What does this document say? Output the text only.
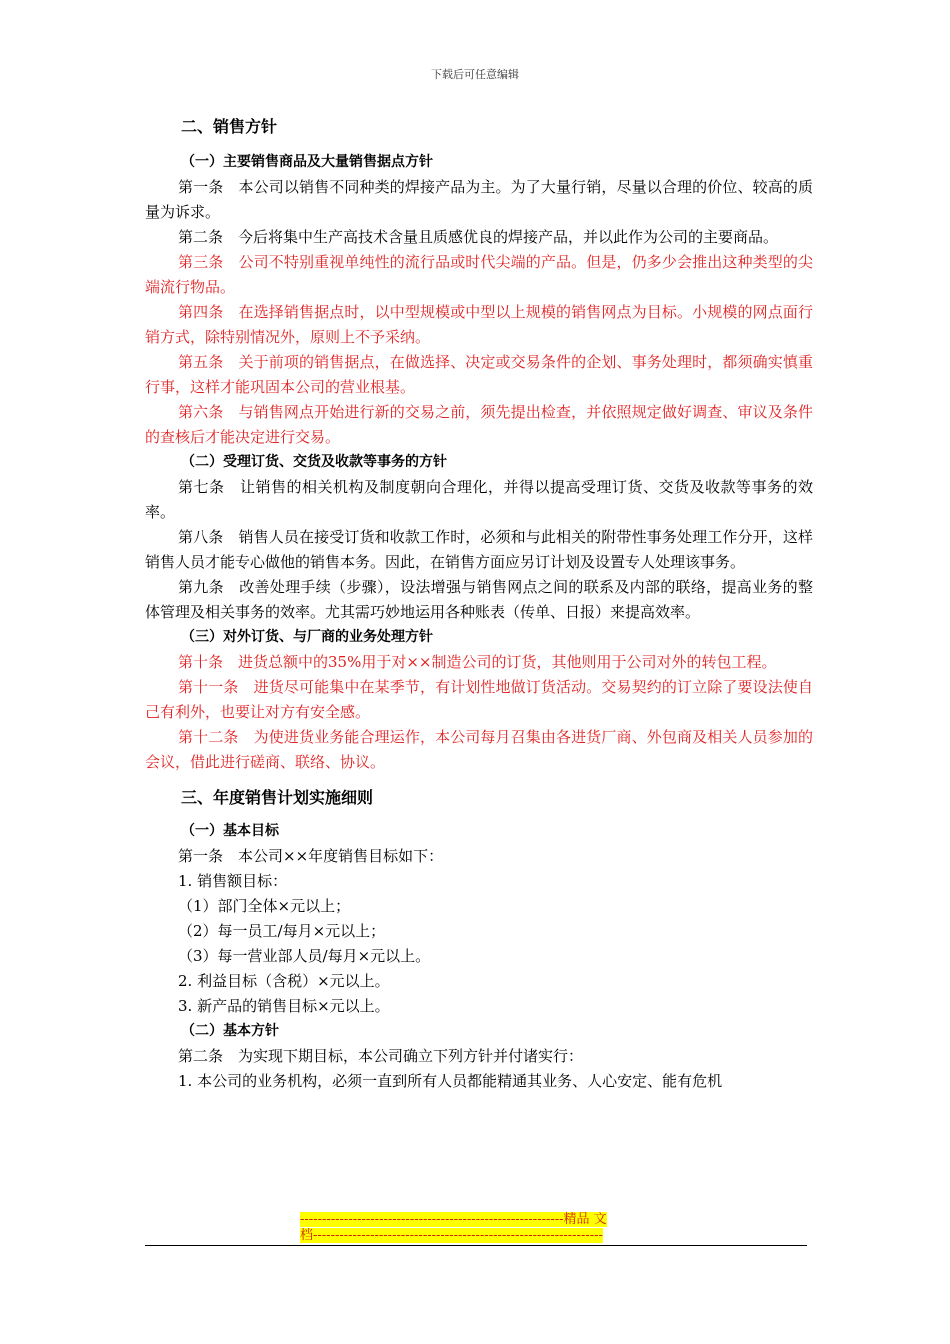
下载后可任意编辑
二、销售方针
（一）主要销售商品及大量销售据点方针
第一条　本公司以销售不同种类的焊接产品为主。为了大量行销，尽量以合理的价位、较高的质量为诉求。
第二条　今后将集中生产高技术含量且质感优良的焊接产品，并以此作为公司的主要商品。
第三条　公司不特别重视单纯性的流行品或时代尖端的产品。但是，仍多少会推出这种类型的尖端流行物品。
第四条　在选择销售据点时，以中型规模或中型以上规模的销售网点为目标。小规模的网点面行销方式，除特别情况外，原则上不予采纳。
第五条　关于前项的销售据点，在做选择、决定或交易条件的企划、事务处理时，都须确实慎重行事，这样才能巩固本公司的营业根基。
第六条　与销售网点开始进行新的交易之前，须先提出检查，并依照规定做好调查、审议及条件的查核后才能决定进行交易。
（二）受理订货、交货及收款等事务的方针
第七条　让销售的相关机构及制度朝向合理化，并得以提高受理订货、交货及收款等事务的效率。
第八条　销售人员在接受订货和收款工作时，必须和与此相关的附带性事务处理工作分开，这样销售人员才能专心做他的销售本务。因此，在销售方面应另订计划及设置专人处理该事务。
第九条　改善处理手续（步骤），设法增强与销售网点之间的联系及内部的联络，提高业务的整体管理及相关事务的效率。尤其需巧妙地运用各种账表（传单、日报）来提高效率。
（三）对外订货、与厂商的业务处理方针
第十条　进货总额中的35%用于对××制造公司的订货，其他则用于公司对外的转包工程。
第十一条　进货尽可能集中在某季节，有计划性地做订货活动。交易契约的订立除了要设法使自己有利外，也要让对方有安全感。
第十二条　为使进货业务能合理运作，本公司每月召集由各进货厂商、外包商及相关人员参加的会议，借此进行磋商、联络、协议。
三、年度销售计划实施细则
（一）基本目标
第一条　本公司××年度销售目标如下：
1. 销售额目标：
（1）部门全体×元以上；
（2）每一员工/每月×元以上；
（3）每一营业部人员/每月×元以上。
2. 利益目标（含税）×元以上。
3. 新产品的销售目标×元以上。
（二）基本方针
第二条　为实现下期目标，本公司确立下列方针并付诸实行：
1. 本公司的业务机构，必须一直到所有人员都能精通其业务、人心安定、能有危机
------------------------------------------------------------精品 文
档------------------------------------------------------------------
